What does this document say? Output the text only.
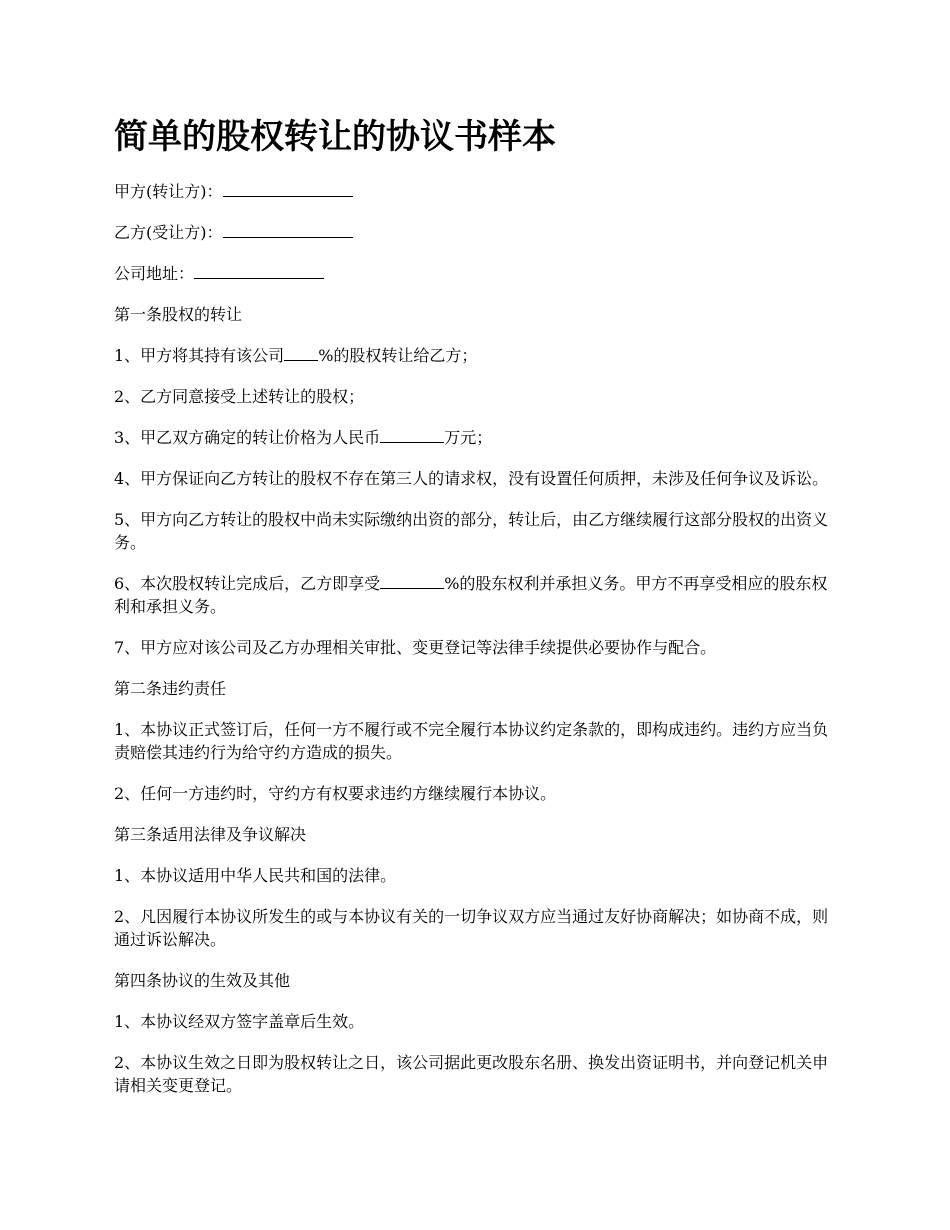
简单的股权转让的协议书样本

甲方(转让方)：

乙方(受让方)：

公司地址：

第一条股权的转让

1、甲方将其持有该公司 %的股权转让给乙方；

2、乙方同意接受上述转让的股权；

3、甲乙双方确定的转让价格为人民币	万元；

4、甲方保证向乙方转让的股权不存在第三人的请求权，没有设置任何质押，未涉及任何争议及诉讼。

5、甲方向乙方转让的股权中尚未实际缴纳出资的部分，转让后，由乙方继续履行这部分股权的出资义务。

6、本次股权转让完成后，乙方即享受	%的股东权利并承担义务。甲方不再享受相应的股东权利和承担义务。

7、甲方应对该公司及乙方办理相关审批、变更登记等法律手续提供必要协作与配合。

第二条违约责任

1、本协议正式签订后，任何一方不履行或不完全履行本协议约定条款的，即构成违约。违约方应当负责赔偿其违约行为给守约方造成的损失。

2、任何一方违约时，守约方有权要求违约方继续履行本协议。

第三条适用法律及争议解决

1、本协议适用中华人民共和国的法律。

2、凡因履行本协议所发生的或与本协议有关的一切争议双方应当通过友好协商解决；如协商不成，则通过诉讼解决。

第四条协议的生效及其他

1、本协议经双方签字盖章后生效。

2、本协议生效之日即为股权转让之日，该公司据此更改股东名册、换发出资证明书，并向登记机关申请相关变更登记。
